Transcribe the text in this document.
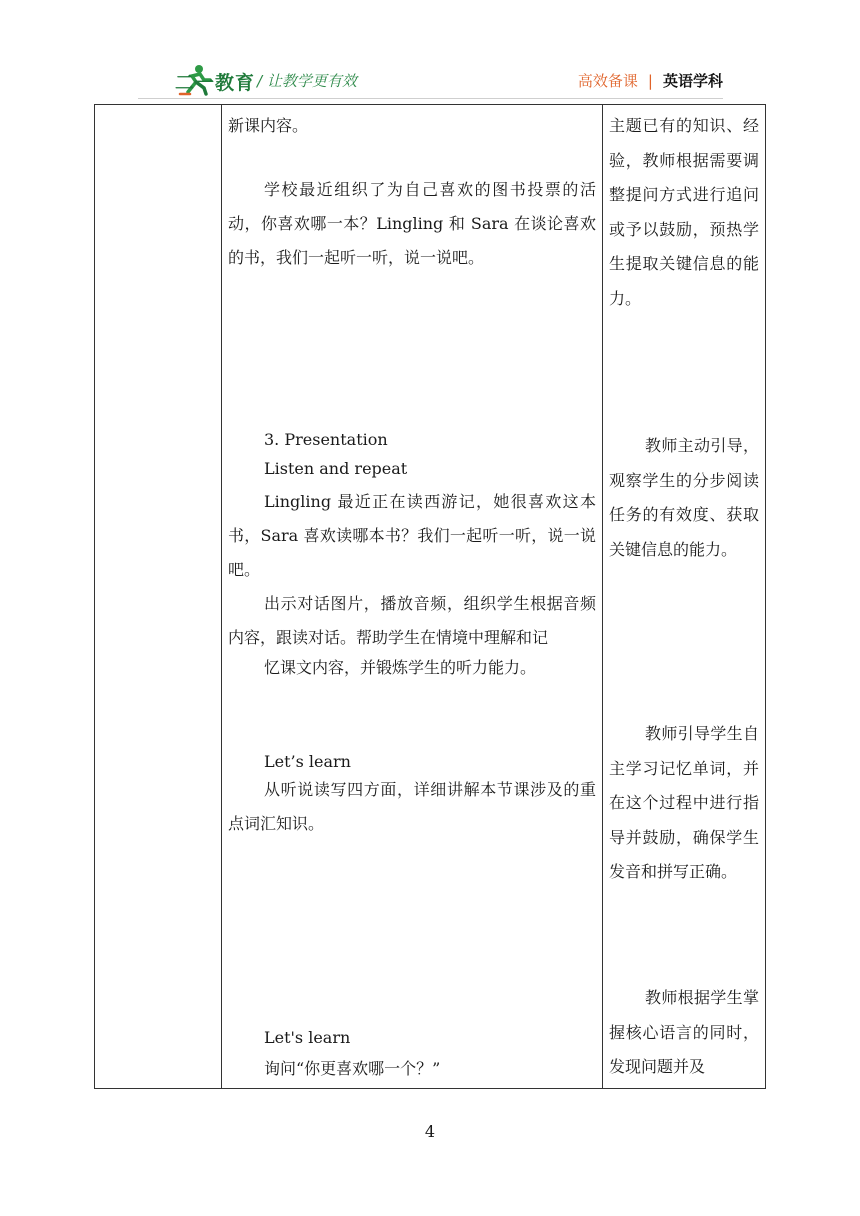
二一教育 / 让教学更有效	高效备课 | 英语学科

新课内容。

学校最近组织了为自己喜欢的图书投票的活动，你喜欢哪一本？Lingling 和 Sara 在谈论喜欢的书，我们一起听一听，说一说吧。

3. Presentation

Listen and repeat

Lingling 最近正在读西游记，她很喜欢这本书，Sara 喜欢读哪本书？我们一起听一听，说一说吧。

出示对话图片，播放音频，组织学生根据音频内容，跟读对话。帮助学生在情境中理解和记

忆课文内容，并锻炼学生的听力能力。

Let’s learn

从听说读写四方面，详细讲解本节课涉及的重点词汇知识。

Let's learn

询问“你更喜欢哪一个？”

主题已有的知识、经验，教师根据需要调整提问方式进行追问或予以鼓励，预热学生提取关键信息的能力。

教师主动引导，观察学生的分步阅读任务的有效度、获取关键信息的能力。

教师引导学生自主学习记忆单词，并在这个过程中进行指导并鼓励，确保学生发音和拼写正确。

教师根据学生掌握核心语言的同时，发现问题并及

4
